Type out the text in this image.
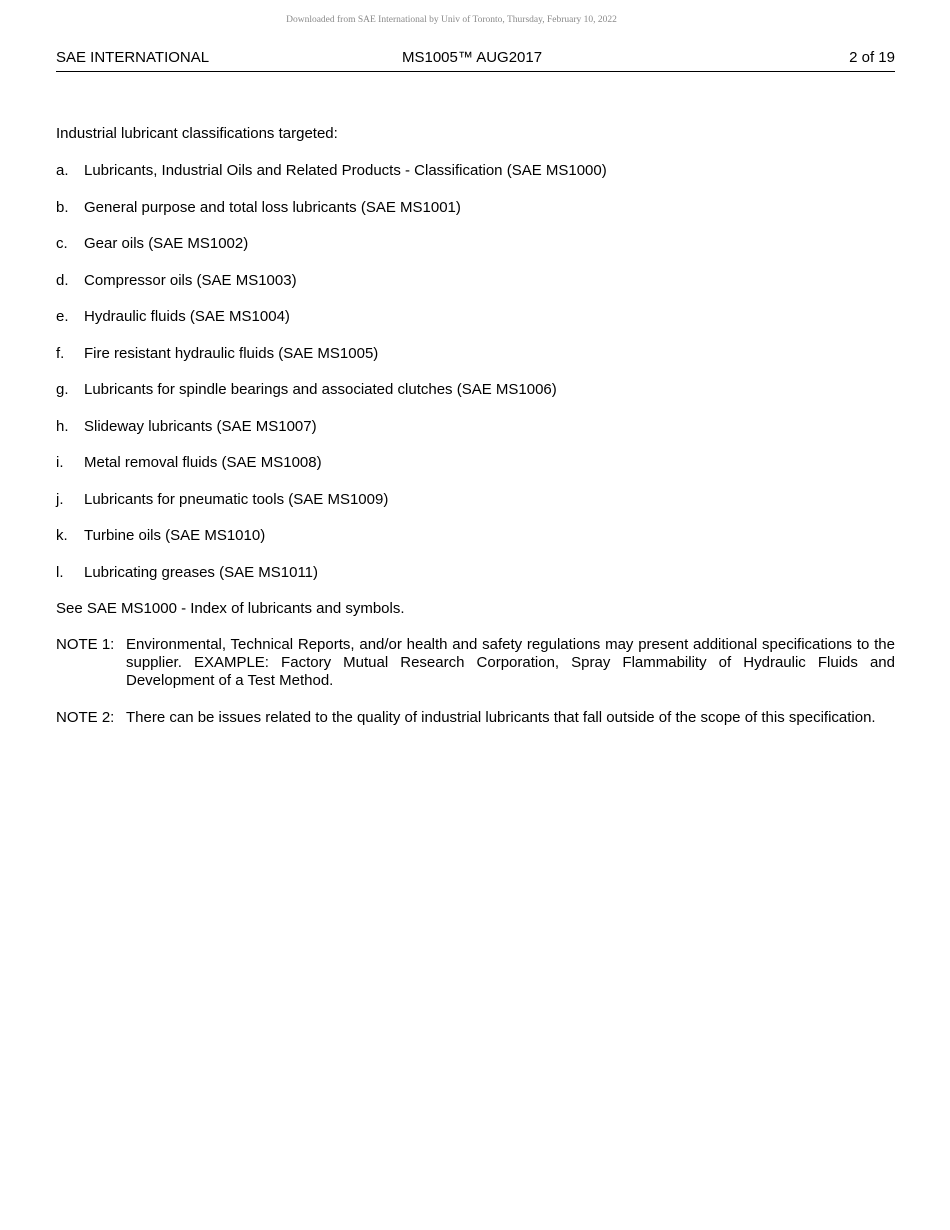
Downloaded from SAE International by Univ of Toronto, Thursday, February 10, 2022
SAE INTERNATIONAL	MS1005™ AUG2017	2 of 19

Industrial lubricant classifications targeted:

a. Lubricants, Industrial Oils and Related Products - Classification (SAE MS1000)
b. General purpose and total loss lubricants (SAE MS1001)
c. Gear oils (SAE MS1002)
d. Compressor oils (SAE MS1003)
e. Hydraulic fluids (SAE MS1004)
f. Fire resistant hydraulic fluids (SAE MS1005)
g. Lubricants for spindle bearings and associated clutches (SAE MS1006)
h. Slideway lubricants (SAE MS1007)
i. Metal removal fluids (SAE MS1008)
j. Lubricants for pneumatic tools (SAE MS1009)
k. Turbine oils (SAE MS1010)
l. Lubricating greases (SAE MS1011)

See SAE MS1000 - Index of lubricants and symbols.

NOTE 1: Environmental, Technical Reports, and/or health and safety regulations may present additional specifications to the supplier. EXAMPLE: Factory Mutual Research Corporation, Spray Flammability of Hydraulic Fluids and Development of a Test Method.
NOTE 2: There can be issues related to the quality of industrial lubricants that fall outside of the scope of this specification.
